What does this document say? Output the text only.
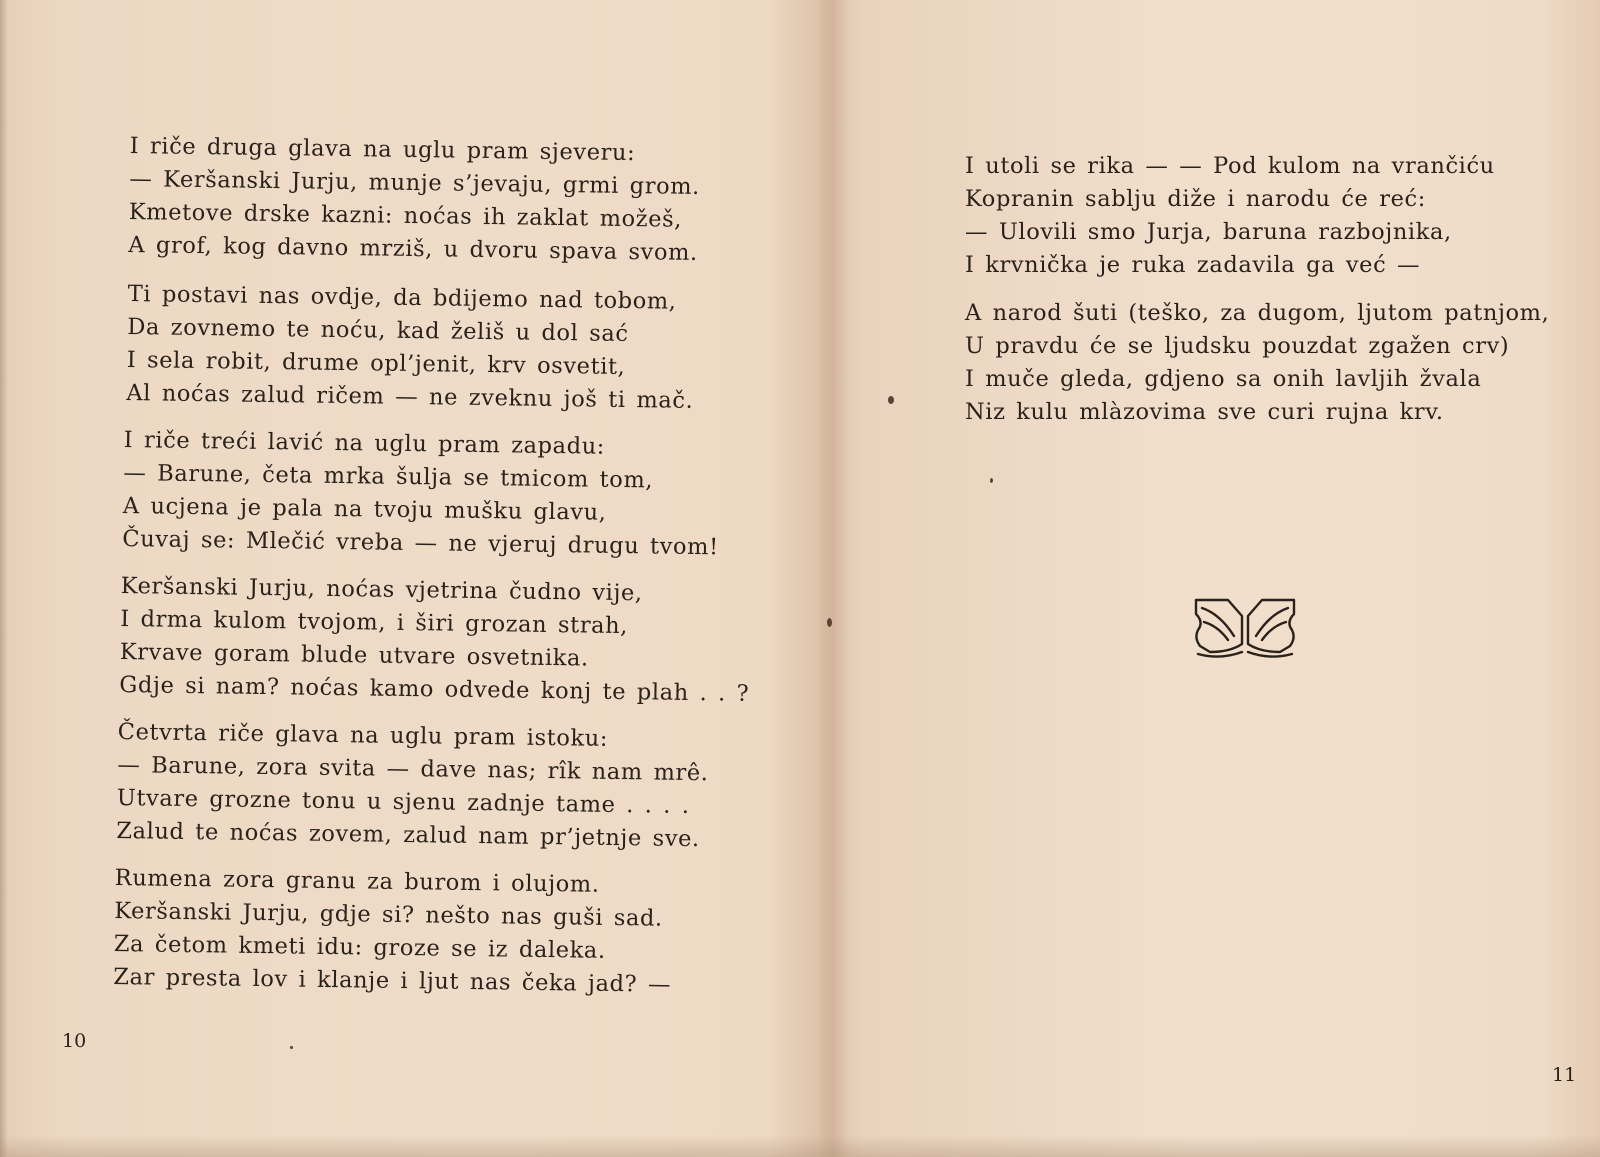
I riče druga glava na uglu pram sjeveru:
— Keršanski Jurju, munje s’jevaju, grmi grom.
Kmetove drske kazni: noćas ih zaklat možeš,
A grof, kog davno mrziš, u dvoru spava svom.
Ti postavi nas ovdje, da bdijemo nad tobom,
Da zovnemo te noću, kad želiš u dol sać
I sela robit, drume opl’jenit, krv osvetit,
Al noćas zalud ričem — ne zveknu još ti mač.
I riče treći lavić na uglu pram zapadu:
— Barune, četa mrka šulja se tmicom tom,
A ucjena je pala na tvoju mušku glavu,
Čuvaj se: Mlečić vreba — ne vjeruj drugu tvom!
Keršanski Jurju, noćas vjetrina čudno vije,
I drma kulom tvojom, i širi grozan strah,
Krvave goram blude utvare osvetnika.
Gdje si nam? noćas kamo odvede konj te plah . . ?
Četvrta riče glava na uglu pram istoku:
— Barune, zora svita — dave nas; rîk nam mrê.
Utvare grozne tonu u sjenu zadnje tame . . . .
Zalud te noćas zovem, zalud nam pr’jetnje sve.
Rumena zora granu za burom i olujom.
Keršanski Jurju, gdje si? nešto nas guši sad.
Za četom kmeti idu: groze se iz daleka.
Zar presta lov i klanje i ljut nas čeka jad? —
10
I utoli se rika — — Pod kulom na vrančiću
Kopranin sablju diže i narodu će reć:
— Ulovili smo Jurja, baruna razbojnika,
I krvnička je ruka zadavila ga već —
A narod šuti (teško, za dugom, ljutom patnjom,
U pravdu će se ljudsku pouzdat zgažen crv)
I muče gleda, gdjeno sa onih lavljih žvala
Niz kulu mlàzovima sve curi rujna krv.
11
